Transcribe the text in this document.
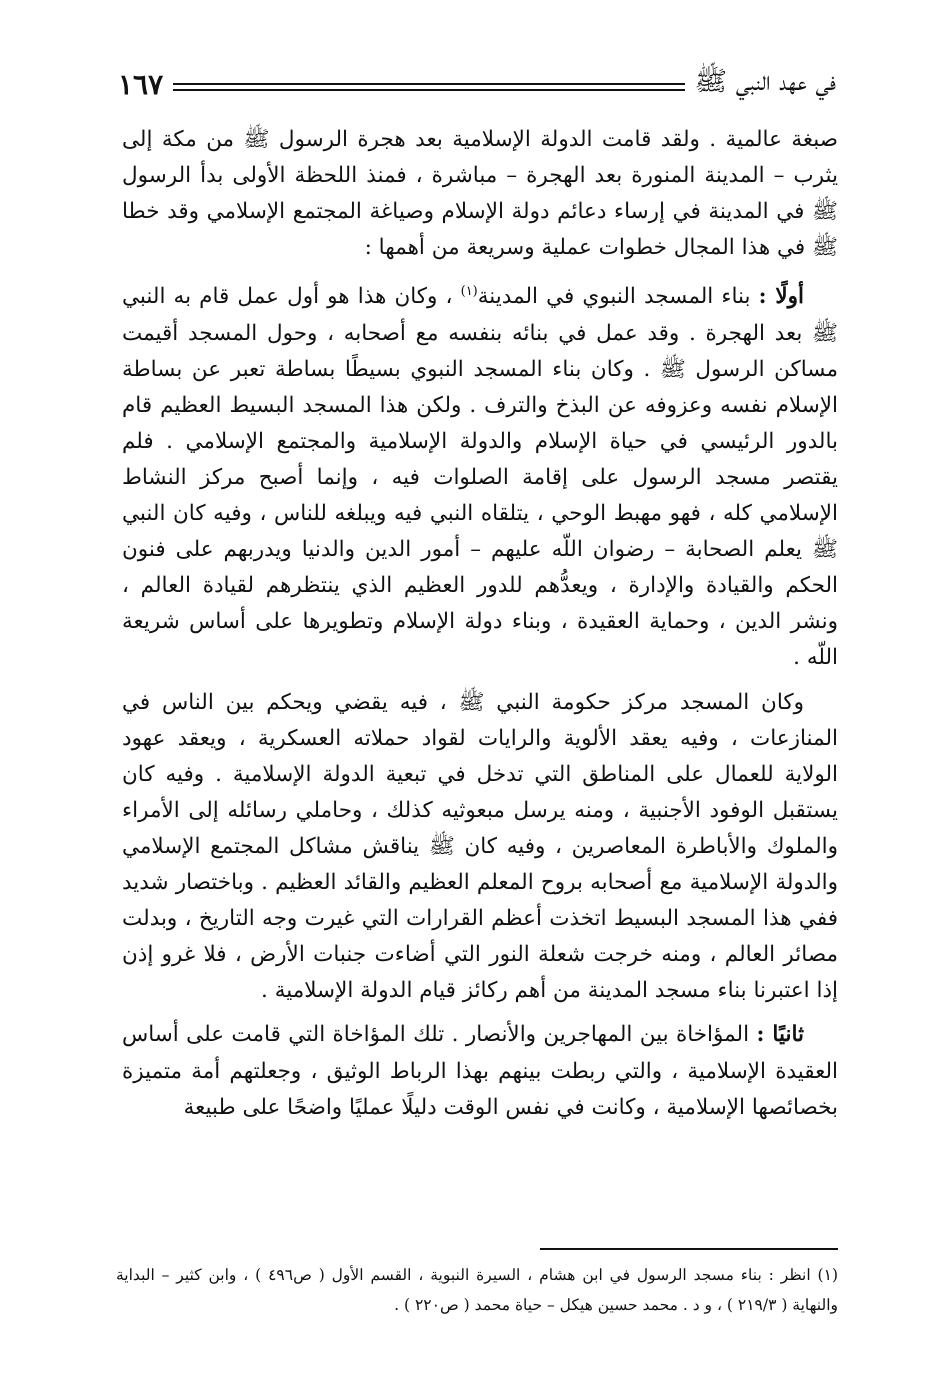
في عهد النبي ﷺ
١٦٧

صبغة عالمية . ولقد قامت الدولة الإسلامية بعد هجرة الرسول ﷺ من مكة إلى يثرب – المدينة المنورة بعد الهجرة – مباشرة ، فمنذ اللحظة الأولى بدأ الرسول ﷺ في المدينة في إرساء دعائم دولة الإسلام وصياغة المجتمع الإسلامي وقد خطا ﷺ في هذا المجال خطوات عملية وسريعة من أهمها :

أولًا : بناء المسجد النبوي في المدينة$^{(١)}$ ، وكان هذا هو أول عمل قام به النبي ﷺ بعد الهجرة . وقد عمل في بنائه بنفسه مع أصحابه ، وحول المسجد أقيمت مساكن الرسول ﷺ . وكان بناء المسجد النبوي بسيطًا بساطة تعبر عن بساطة الإسلام نفسه وعزوفه عن البذخ والترف . ولكن هذا المسجد البسيط العظيم قام بالدور الرئيسي في حياة الإسلام والدولة الإسلامية والمجتمع الإسلامي . فلم يقتصر مسجد الرسول على إقامة الصلوات فيه ، وإنما أصبح مركز النشاط الإسلامي كله ، فهو مهبط الوحي ، يتلقاه النبي فيه ويبلغه للناس ، وفيه كان النبي ﷺ يعلم الصحابة – رضوان اللّه عليهم – أمور الدين والدنيا ويدربهم على فنون الحكم والقيادة والإدارة ، ويعدُّهم للدور العظيم الذي ينتظرهم لقيادة العالم ، ونشر الدين ، وحماية العقيدة ، وبناء دولة الإسلام وتطويرها على أساس شريعة اللّه .

وكان المسجد مركز حكومة النبي ﷺ ، فيه يقضي ويحكم بين الناس في المنازعات ، وفيه يعقد الألوية والرايات لقواد حملاته العسكرية ، ويعقد عهود الولاية للعمال على المناطق التي تدخل في تبعية الدولة الإسلامية . وفيه كان يستقبل الوفود الأجنبية ، ومنه يرسل مبعوثيه كذلك ، وحاملي رسائله إلى الأمراء والملوك والأباطرة المعاصرين ، وفيه كان ﷺ يناقش مشاكل المجتمع الإسلامي والدولة الإسلامية مع أصحابه بروح المعلم العظيم والقائد العظيم . وباختصار شديد ففي هذا المسجد البسيط اتخذت أعظم القرارات التي غيرت وجه التاريخ ، وبدلت مصائر العالم ، ومنه خرجت شعلة النور التي أضاءت جنبات الأرض ، فلا غرو إذن إذا اعتبرنا بناء مسجد المدينة من أهم ركائز قيام الدولة الإسلامية .

ثانيًا : المؤاخاة بين المهاجرين والأنصار . تلك المؤاخاة التي قامت على أساس العقيدة الإسلامية ، والتي ربطت بينهم بهذا الرباط الوثيق ، وجعلتهم أمة متميزة بخصائصها الإسلامية ، وكانت في نفس الوقت دليلًا عمليًا واضحًا على طبيعة

(١) انظر : بناء مسجد الرسول في ابن هشام ، السيرة النبوية ، القسم الأول ( ص٤٩٦ ) ، وابن كثير – البداية والنهاية ( ٢١٩/٣ ) ، و د . محمد حسين هيكل – حياة محمد ( ص٢٢٠ ) .
